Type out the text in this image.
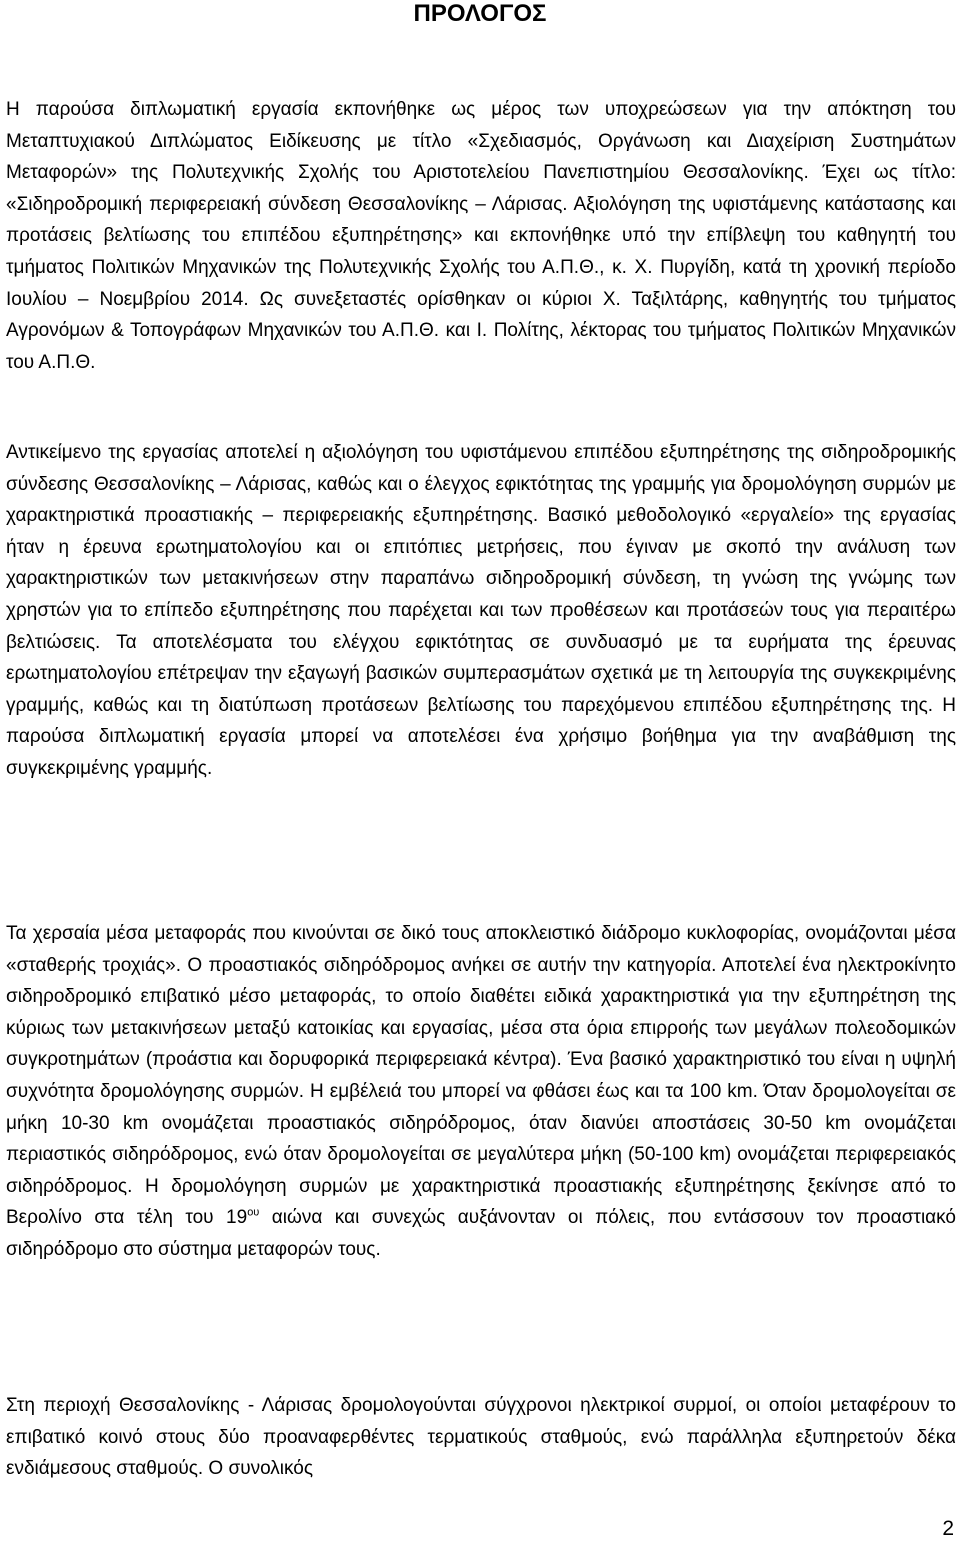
ΠΡΟΛΟΓΟΣ

Η παρούσα διπλωματική εργασία εκπονήθηκε ως μέρος των υποχρεώσεων για την απόκτηση του Μεταπτυχιακού Διπλώματος Ειδίκευσης με τίτλο «Σχεδιασμός, Οργάνωση και Διαχείριση Συστημάτων Μεταφορών» της Πολυτεχνικής Σχολής του Αριστοτελείου Πανεπιστημίου Θεσσαλονίκης. Έχει ως τίτλο: «Σιδηροδρομική περιφερειακή σύνδεση Θεσσαλονίκης – Λάρισας. Αξιολόγηση της υφιστάμενης κατάστασης και προτάσεις βελτίωσης του επιπέδου εξυπηρέτησης» και εκπονήθηκε υπό την επίβλεψη του καθηγητή του τμήματος Πολιτικών Μηχανικών της Πολυτεχνικής Σχολής του Α.Π.Θ., κ. Χ. Πυργίδη, κατά τη χρονική περίοδο Ιουλίου – Νοεμβρίου 2014. Ως συνεξεταστές ορίσθηκαν οι κύριοι Χ. Ταξιλτάρης, καθηγητής του τμήματος Αγρονόμων & Τοπογράφων Μηχανικών του Α.Π.Θ. και Ι. Πολίτης, λέκτορας του τμήματος Πολιτικών Μηχανικών του Α.Π.Θ.

Αντικείμενο της εργασίας αποτελεί η αξιολόγηση του υφιστάμενου επιπέδου εξυπηρέτησης της σιδηροδρομικής σύνδεσης Θεσσαλονίκης – Λάρισας, καθώς και ο έλεγχος εφικτότητας της γραμμής για δρομολόγηση συρμών με χαρακτηριστικά προαστιακής – περιφερειακής εξυπηρέτησης. Βασικό μεθοδολογικό «εργαλείο» της εργασίας ήταν η έρευνα ερωτηματολογίου και οι επιτόπιες μετρήσεις, που έγιναν με σκοπό την ανάλυση των χαρακτηριστικών των μετακινήσεων στην παραπάνω σιδηροδρομική σύνδεση, τη γνώση της γνώμης των χρηστών για το επίπεδο εξυπηρέτησης που παρέχεται και των προθέσεων και προτάσεών τους για περαιτέρω βελτιώσεις. Τα αποτελέσματα του ελέγχου εφικτότητας σε συνδυασμό με τα ευρήματα της έρευνας ερωτηματολογίου επέτρεψαν την εξαγωγή βασικών συμπερασμάτων σχετικά με τη λειτουργία της συγκεκριμένης γραμμής, καθώς και τη διατύπωση προτάσεων βελτίωσης του παρεχόμενου επιπέδου εξυπηρέτησης της. Η παρούσα διπλωματική εργασία μπορεί να αποτελέσει ένα χρήσιμο βοήθημα για την αναβάθμιση της συγκεκριμένης γραμμής.

Τα χερσαία μέσα μεταφοράς που κινούνται σε δικό τους αποκλειστικό διάδρομο κυκλοφορίας, ονομάζονται μέσα «σταθερής τροχιάς». Ο προαστιακός σιδηρόδρομος ανήκει σε αυτήν την κατηγορία. Αποτελεί ένα ηλεκτροκίνητο σιδηροδρομικό επιβατικό μέσο μεταφοράς, το οποίο διαθέτει ειδικά χαρακτηριστικά για την εξυπηρέτηση της κύριως των μετακινήσεων μεταξύ κατοικίας και εργασίας, μέσα στα όρια επιρροής των μεγάλων πολεοδομικών συγκροτημάτων (προάστια και δορυφορικά περιφερειακά κέντρα). Ένα βασικό χαρακτηριστικό του είναι η υψηλή συχνότητα δρομολόγησης συρμών. Η εμβέλειά του μπορεί να φθάσει έως και τα 100 km. Όταν δρομολογείται σε μήκη 10-30 km ονομάζεται προαστιακός σιδηρόδρομος, όταν διανύει αποστάσεις 30-50 km ονομάζεται περιαστικός σιδηρόδρομος, ενώ όταν δρομολογείται σε μεγαλύτερα μήκη (50-100 km) ονομάζεται περιφερειακός σιδηρόδρομος. Η δρομολόγηση συρμών με χαρακτηριστικά προαστιακής εξυπηρέτησης ξεκίνησε από το Βερολίνο στα τέλη του $19^{o\upsilon}$ αιώνα και συνεχώς αυξάνονταν οι πόλεις, που εντάσσουν τον προαστιακό σιδηρόδρομο στο σύστημα μεταφορών τους.

Στη περιοχή Θεσσαλονίκης - Λάρισας δρομολογούνται σύγχρονοι ηλεκτρικοί συρμοί, οι οποίοι μεταφέρουν το επιβατικό κοινό στους δύο προαναφερθέντες τερματικούς σταθμούς, ενώ παράλληλα εξυπηρετούν δέκα ενδιάμεσους σταθμούς. Ο συνολικός

2
